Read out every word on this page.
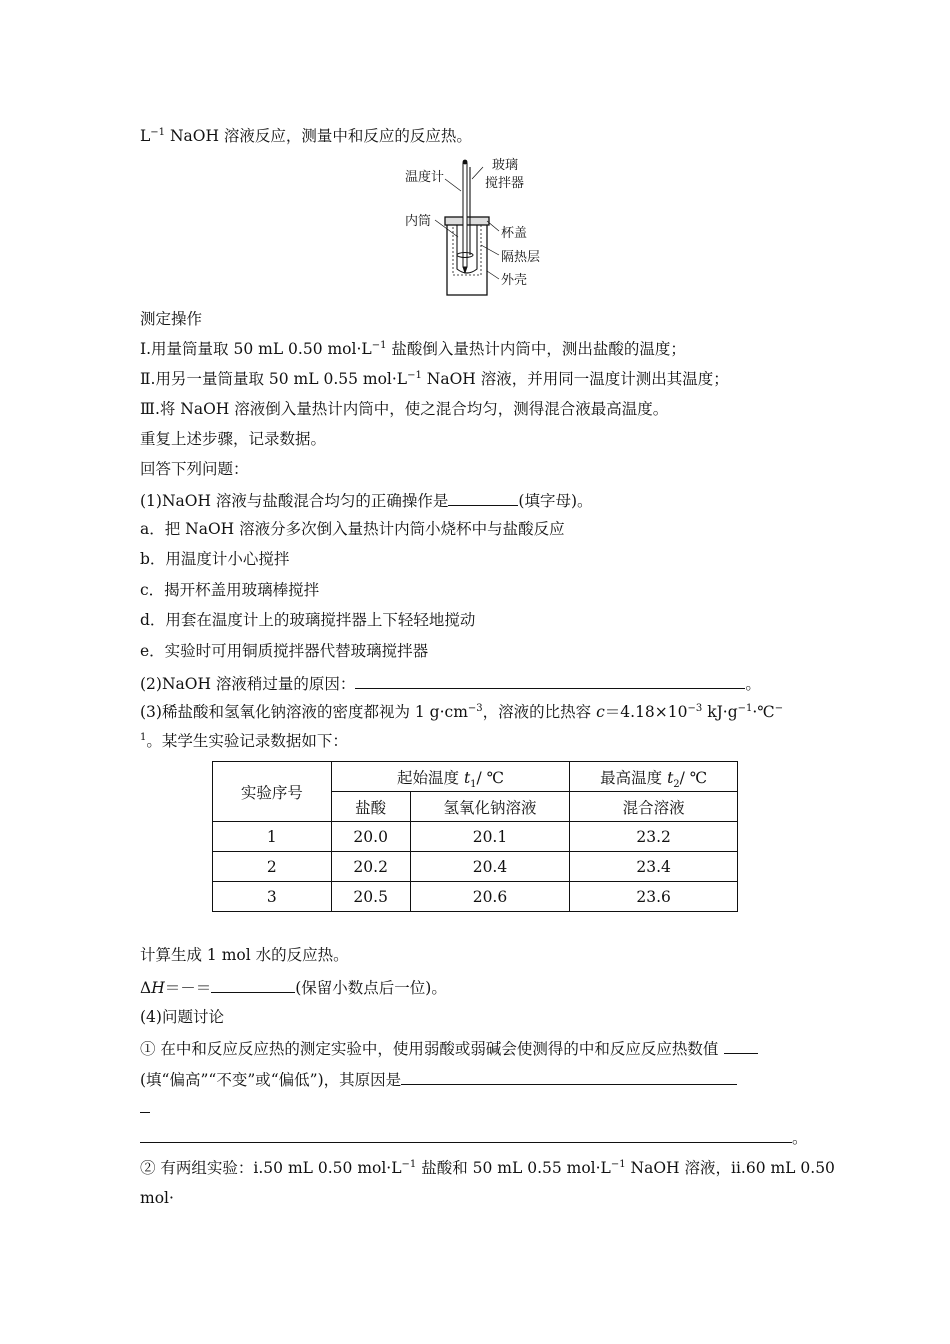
$L^{-1}$ NaOH 溶液反应，测量中和反应的反应热。
温度计
玻璃
搅拌器
内筒
杯盖
隔热层
外壳
测定操作
Ⅰ.用量筒量取 50 mL 0.50 $mol\cdot L^{-1}$ 盐酸倒入量热计内筒中，测出盐酸的温度；
Ⅱ.用另一量筒量取 50 mL 0.55 $mol\cdot L^{-1}$ NaOH 溶液，并用同一温度计测出其温度；
Ⅲ.将 NaOH 溶液倒入量热计内筒中，使之混合均匀，测得混合液最高温度。
重复上述步骤，记录数据。
回答下列问题：
(1)NaOH 溶液与盐酸混合均匀的正确操作是	(填字母)。
a．把 NaOH 溶液分多次倒入量热计内筒小烧杯中与盐酸反应
b．用温度计小心搅拌
c．揭开杯盖用玻璃棒搅拌
d．用套在温度计上的玻璃搅拌器上下轻轻地搅动
e．实验时可用铜质搅拌器代替玻璃搅拌器
(2)NaOH 溶液稍过量的原因：	。
(3)稀盐酸和氢氧化钠溶液的密度都视为 1 $g\cdot cm^{-3}$，溶液的比热容 $c=4.18\times 10^{-3}$ $kJ\cdot g^{-1}\cdot℃^-$
$^1$。某学生实验记录数据如下：
实验序号	起始温度 $t_1/$ ℃		最高温度 $t_2/$ ℃
	盐酸	氢氧化钠溶液	混合溶液
1	20.0	20.1	23.2
2	20.2	20.4	23.4
3	20.5	20.6	23.6
计算生成 1 mol 水的反应热。
ΔH＝－＝	(保留小数点后一位)。
(4)问题讨论
① 在中和反应反应热的测定实验中，使用弱酸或弱碱会使测得的中和反应反应热数值
(填“偏高”“不变”或“偏低”)，其原因是
。
② 有两组实验：ⅰ.50 mL 0.50 $mol\cdot L^{-1}$ 盐酸和 50 mL 0.55 $mol\cdot L^{-1}$ NaOH 溶液，ⅱ.60 mL 0.50
mol·
